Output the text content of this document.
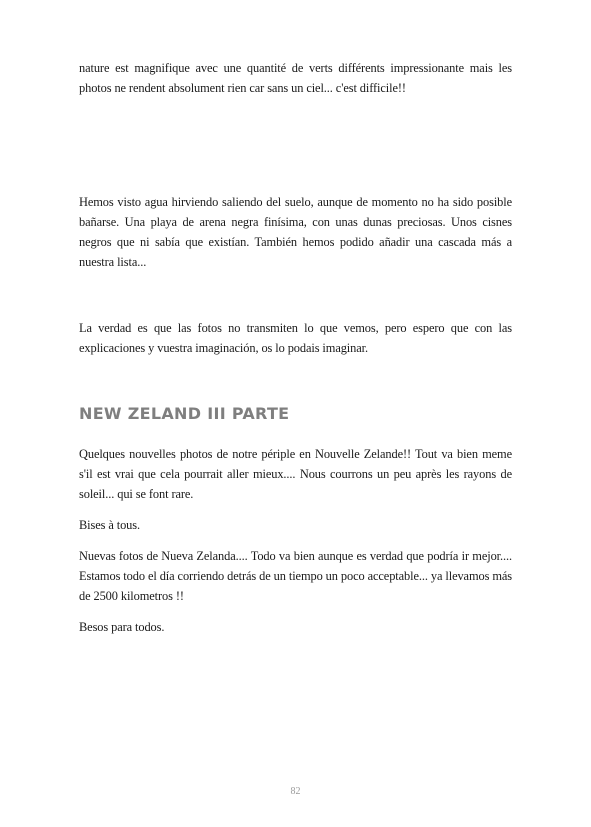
nature est magnifique avec une quantité de verts différents impressionante mais les photos ne rendent absolument rien car sans un ciel... c'est difficile!!

Hemos visto agua hirviendo saliendo del suelo, aunque de momento no ha sido posible bañarse. Una playa de arena negra finísima, con unas dunas preciosas. Unos cisnes negros que ni sabía que existían. También hemos podido añadir una cascada más a nuestra lista...

La verdad es que las fotos no transmiten lo que vemos, pero espero que con las explicaciones y vuestra imaginación, os lo podais imaginar.

NEW ZELAND III PARTE

Quelques nouvelles photos de notre périple en Nouvelle Zelande!! Tout va bien meme s'il est vrai que cela pourrait aller mieux.... Nous courrons un peu après les rayons de soleil... qui se font rare.

Bises à tous.

Nuevas fotos de Nueva Zelanda.... Todo va bien aunque es verdad que podría ir mejor.... Estamos todo el día corriendo detrás de un tiempo un poco acceptable... ya llevamos más de 2500 kilometros !!

Besos para todos.

82
